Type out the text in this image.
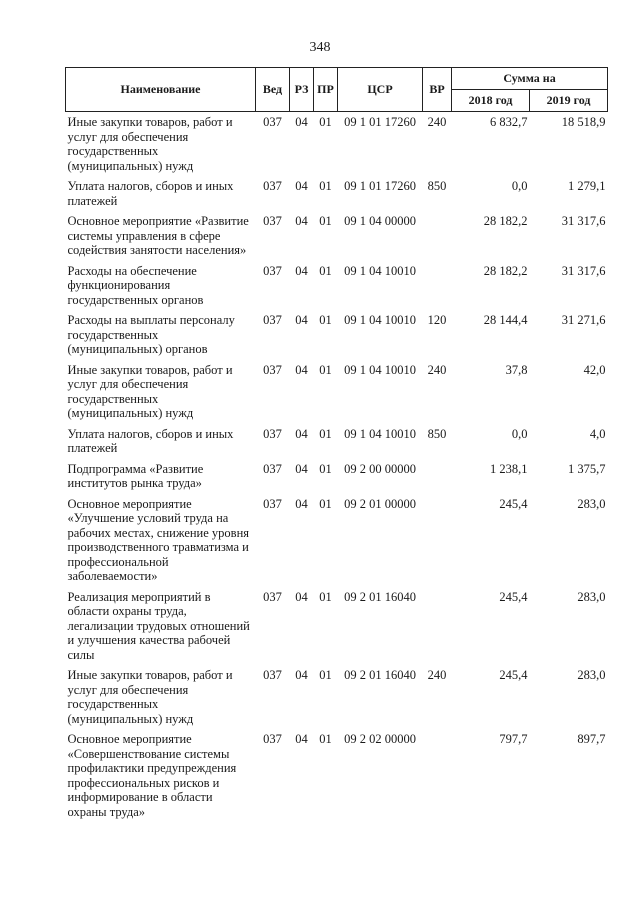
348
Наименование	Вед	РЗ	ПР	ЦСР	ВР	Сумма на	
						2018 год	2019 год
Иные закупки товаров, работ и услуг для обеспечения государственных (муниципальных) нужд	037	04	01	09 1 01 17260	240	6 832,7	18 518,9
Уплата налогов, сборов и иных платежей	037	04	01	09 1 01 17260	850	0,0	1 279,1
Основное мероприятие «Развитие системы управления в сфере содействия занятости населения»	037	04	01	09 1 04 00000		28 182,2	31 317,6
Расходы на обеспечение функционирования государственных органов	037	04	01	09 1 04 10010		28 182,2	31 317,6
Расходы на выплаты персоналу государственных (муниципальных) органов	037	04	01	09 1 04 10010	120	28 144,4	31 271,6
Иные закупки товаров, работ и услуг для обеспечения государственных (муниципальных) нужд	037	04	01	09 1 04 10010	240	37,8	42,0
Уплата налогов, сборов и иных платежей	037	04	01	09 1 04 10010	850	0,0	4,0
Подпрограмма «Развитие институтов рынка труда»	037	04	01	09 2 00 00000		1 238,1	1 375,7
Основное мероприятие «Улучшение условий труда на рабочих местах, снижение уровня производственного травматизма и профессиональной заболеваемости»	037	04	01	09 2 01 00000		245,4	283,0
Реализация мероприятий в области охраны труда, легализации трудовых отношений и улучшения качества рабочей силы	037	04	01	09 2 01 16040		245,4	283,0
Иные закупки товаров, работ и услуг для обеспечения государственных (муниципальных) нужд	037	04	01	09 2 01 16040	240	245,4	283,0
Основное мероприятие «Совершенствование системы профилактики предупреждения профессиональных рисков и информирование в области охраны труда»	037	04	01	09 2 02 00000		797,7	897,7
